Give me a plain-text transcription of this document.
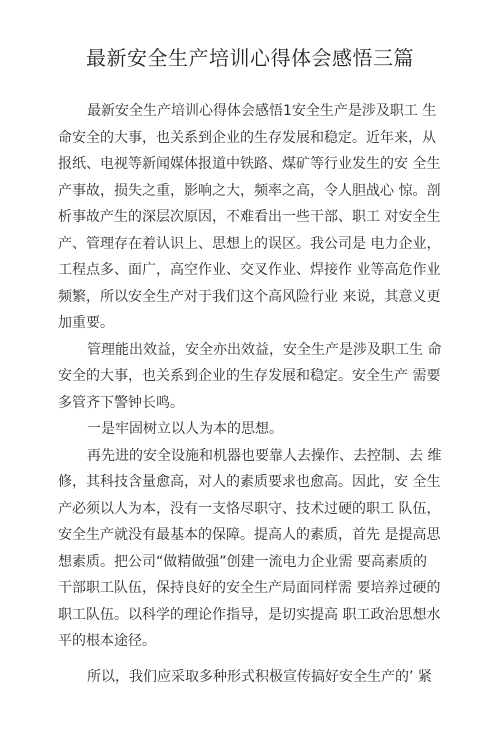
最新安全生产培训心得体会感悟三篇
最新安全生产培训心得体会感悟1安全生产是涉及职工 生
命安全的大事，也关系到企业的生存发展和稳定。近年来，从
报纸、电视等新闻媒体报道中铁路、煤矿等行业发生的安 全生
产事故，损失之重，影响之大，频率之高，令人胆战心 惊。剖
析事故产生的深层次原因，不难看出一些干部、职工 对安全生
产、管理存在着认识上、思想上的误区。我公司是 电力企业，
工程点多、面广，高空作业、交叉作业、焊接作 业等高危作业
频繁，所以安全生产对于我们这个高风险行业 来说，其意义更
加重要。
管理能出效益，安全亦出效益，安全生产是涉及职工生 命
安全的大事，也关系到企业的生存发展和稳定。安全生产 需要
多管齐下警钟长鸣。
一是牢固树立以人为本的思想。
再先进的安全设施和机器也要靠人去操作、去控制、去 维
修，其科技含量愈高，对人的素质要求也愈高。因此，安 全生
产必须以人为本，没有一支恪尽职守、技术过硬的职工 队伍，
安全生产就没有最基本的保障。提高人的素质，首先 是提高思
想素质。把公司“做精做强”创建一流电力企业需 要高素质的
干部职工队伍，保持良好的安全生产局面同样需 要培养过硬的
职工队伍。以科学的理论作指导，是切实提高 职工政治思想水
平的根本途径。
所以，我们应采取多种形式积极宣传搞好安全生产的’ 紧
